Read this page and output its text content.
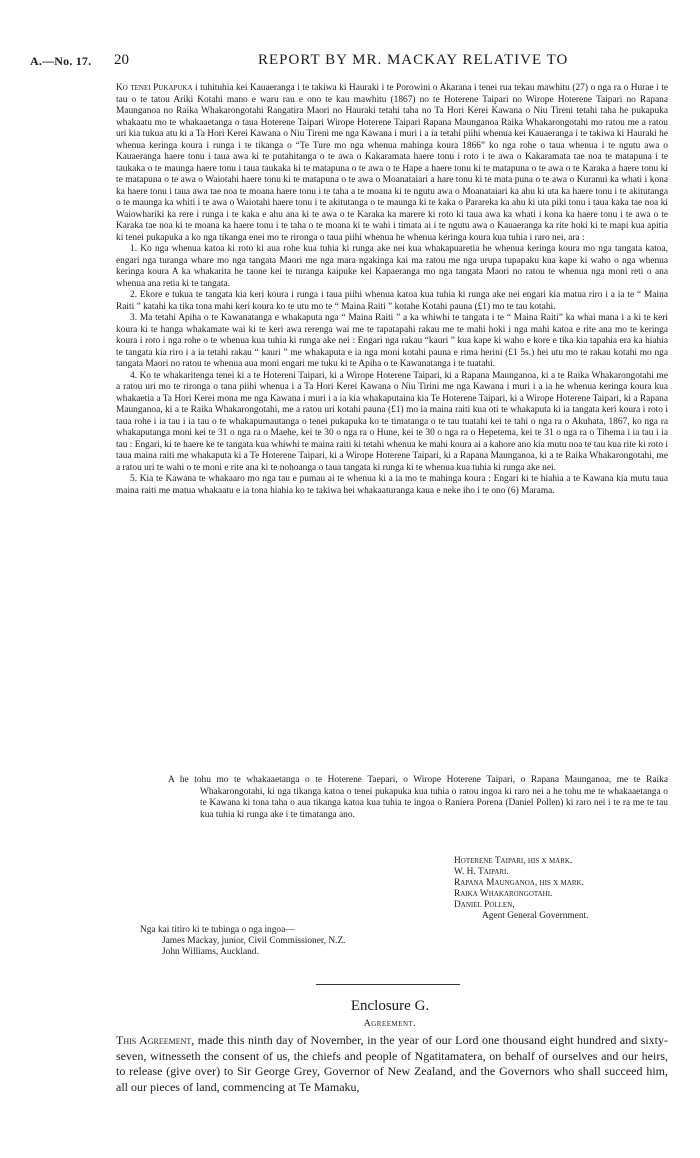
A.—No. 17. 20	REPORT BY MR. MACKAY RELATIVE TO

Ko tenei Pukapuka i tuhituhia kei Kauaeranga i te takiwa ki Hauraki i te Porowini o Akarana i tenei rua tekau mawhitu (27) o nga ra o Hurae i te tau o te tatou Ariki Kotahi mano e waru rau e ono te kau mawhitu (1867) no te Hoterene Taipari no Wirope Hoterene Taipari no Rapana Maunganoa no Raika Whakarongotahi Rangatira Maori no Hauraki tetahi taha no Ta Hori Kerei Kawana o Niu Tireni tetahi taha he pukapuka whakaatu mo te whakaaetanga o taua Hoterene Taipari Wirope Hoterene Taipari Rapana Maunganoa Raika Whakarongotahi mo ratou me a ratou uri kia tukua atu ki a Ta Hori Kerei Kawana o Niu Tireni me nga Kawana i muri i a ia tetahi piihi whenua kei Kauaeranga i te takiwa ki Hauraki he whenua keringa koura i runga i te tikanga o “Te Ture mo nga whenua mahinga koura 1866” ko nga rohe o taua whenua i te ngutu awa o Kauaeranga haere tonu i taua awa ki te putahitanga o te awa o Kakaramata haere tonu i roto i te awa o Kakaramata tae noa te matapuna i te taukaka o te maunga haere tonu i taua taukaka ki te matapuna o te awa o te Hape a haere tonu ki te matapuna o te awa o te Karaka a haere tonu ki te matapuna o te awa o Waiotahi haere tonu ki te matapuna o te awa o Moanataiari a hare tonu ki te mata puna o te awa o Kuranui ka whati i kona ka haere tonu i taua awa tae noa te moana haere tonu i te taha a te moana ki te ngutu awa o Moanataiari ka ahu ki uta ka haere tonu i te akitutanga o te maunga ka whiti i te awa o Waiotahi haere tonu i te akitutanga o te maunga ki te kaka o Parareka ka ahu ki uta piki tonu i taua kaka tae noa ki Waiowhariki ka rere i runga i te kaka e ahu ana ki te awa o te Karaka ka marere ki roto ki taua awa ka whati i kona ka haere tonu i te awa o te Karaka tae noa ki te moana ka haere tonu i te taha o te moana ki te wahi i timata ai i te ngutu awa o Kauaeranga ka rite hoki ki te mapi kua apitia ki tenei pukapuka a ko nga tikanga enei mo te rironga o taua piihi whenua he whenua keringa koura kua tuhia i raro nei, ara :

1. Ko nga whenua katoa ki roto ki aua rohe kua tuhia ki runga ake nei kua whakapuaretia he whenua keringa koura mo nga tangata katoa, engari nga turanga whare mo nga tangata Maori me nga mara ngakinga kai ma ratou me nga urupa tupapaku kua kape ki waho o nga whenua keringa koura A ka whakarita he taone kei te turanga kaipuke kei Kapaeranga mo nga tangata Maori no ratou te whenua nga moni reti o ana whenua ana retia ki te tangata.

2. Ekore e tukua te tangata kia keri koura i runga i taua piihi whenua katoa kua tuhia ki runga ake nei engari kia matua riro i a ia te “ Maina Raiti ” katahi ka tika tona mahi keri koura ko te utu mo te “ Maina Raiti ” kotahe Kotahi pauna (£1) mo te tau kotahi.

3. Ma tetahi Apiha o te Kawanatanga e whakaputa nga “ Maina Raiti ” a ka whiwhi te tangata i te “ Maina Raiti” ka whai mana i a ki te keri koura ki te hanga whakamate wai ki te keri awa rerenga wai me te tapatapahi rakau me te mahi hoki i nga mahi katoa e rite ana mo te keringa koura i roto i nga rohe o te whenua kua tuhia ki runga ake nei : Engari nga rakau “kauri ” kua kape ki waho e kore e tika kia tapahia era ka hiahia te tangata kia riro i a ia tetahi rakau “ kauri ” me whakaputa e ia nga moni kotahi pauna e rima herini (£1 5s.) hei utu mo te rakau kotahi mo nga tangata Maori no ratou te whenua aua moni engari me tuku ki te Apiha o te Kawanatanga i te tuatahi.

4. Ko te whakaritenga tenei ki a te Hotereni Taipari, ki a Wirope Hoterene Taipari, ki a Rapana Maunganoa, ki a te Raika Whakarongotahi me a ratou uri mo te rironga o tana piihi whenua i a Ta Hori Kerei Kawana o Niu Tirini me nga Kawana i muri i a ia he whenua keringa koura kua whakaetia a Ta Hori Kerei mona me nga Kawana i muri i a ia kia whakaputaina kia Te Hoterene Taipari, ki a Wirope Hoterene Taipari, ki a Rapana Maunganoa, ki a te Raika Whakarongotahi, me a ratou uri kotahi pauna (£1) mo ia maina raiti kua oti te whakaputa ki ia tangata keri koura i roto i taua rohe i ia tau i ia tau o te whakapumautanga o tenei pukapuka ko te timatanga o te tau tuatahi kei te tahi o nga ra o Akuhata, 1867, ko nga ra whakaputanga moni kei te 31 o nga ra o Maehe, kei te 30 o nga ra o Hune, kei te 30 o nga ra o Hepetema, kei te 31 o nga ra o Tihema i ia tau i ia tau : Engari, ki te haere ke te tangata kua whiwhi te maina raiti ki tetahi whenua ke mahi koura ai a kahore ano kia mutu noa te tau kua rite ki roto i taua maina raiti me whakaputa ki a Te Hoterene Taipari, ki a Wirope Hoterene Taipari, ki a Rapana Maunganoa, ki a te Raika Whakarongotahi, me a ratou uri te wahi o te moni e rite ana ki te nohoanga o taua tangata ki runga ki te whenua kua tuhia ki runga ake nei.

5. Kia te Kawana te whakaaro mo nga tau e pumau ai te whenua ki a ia mo te mahinga koura : Engari ki te hiahia a te Kawana kia mutu taua maina raiti me matua whakaatu e ia tona hiahia ko te takiwa hei whakaaturanga kaua e neke iho i te ono (6) Marama.

A he tohu mo te whakaaetanga o te Hoterene Taepari, o Wirope Hoterene Taipari, o Rapana Maunganoa, me te Raika Whakarongotahi, ki nga tikanga katoa o tenei pukapuka kua tuhia o ratou ingoa ki raro nei a he tohu me te whakaaetanga o te Kawana ki tona taha o aua tikanga katoa kua tuhia te ingoa o Raniera Porena (Daniel Pollen) ki raro nei i te ra me te tau kua tuhia ki runga ake i te timatanga ano.
Hoterene Taipari, his x mark.
W. H. Taipari.
Rapana Maunganoa, his x mark.
Raika Whakarongotahi.
Daniel Pollen,
Agent General Government.
Nga kai titiro ki te tubinga o nga ingoa—
James Mackay, junior, Civil Commissioner, N.Z.
John Williams, Auckland.
Enclosure G.
Agreement.

This Agreement, made this ninth day of November, in the year of our Lord one thousand eight hundred and sixty-seven, witnesseth the consent of us, the chiefs and people of Ngatitamatera, on behalf of ourselves and our heirs, to release (give over) to Sir George Grey, Governor of New Zealand, and the Governors who shall succeed him, all our pieces of land, commencing at Te Mamaku,
